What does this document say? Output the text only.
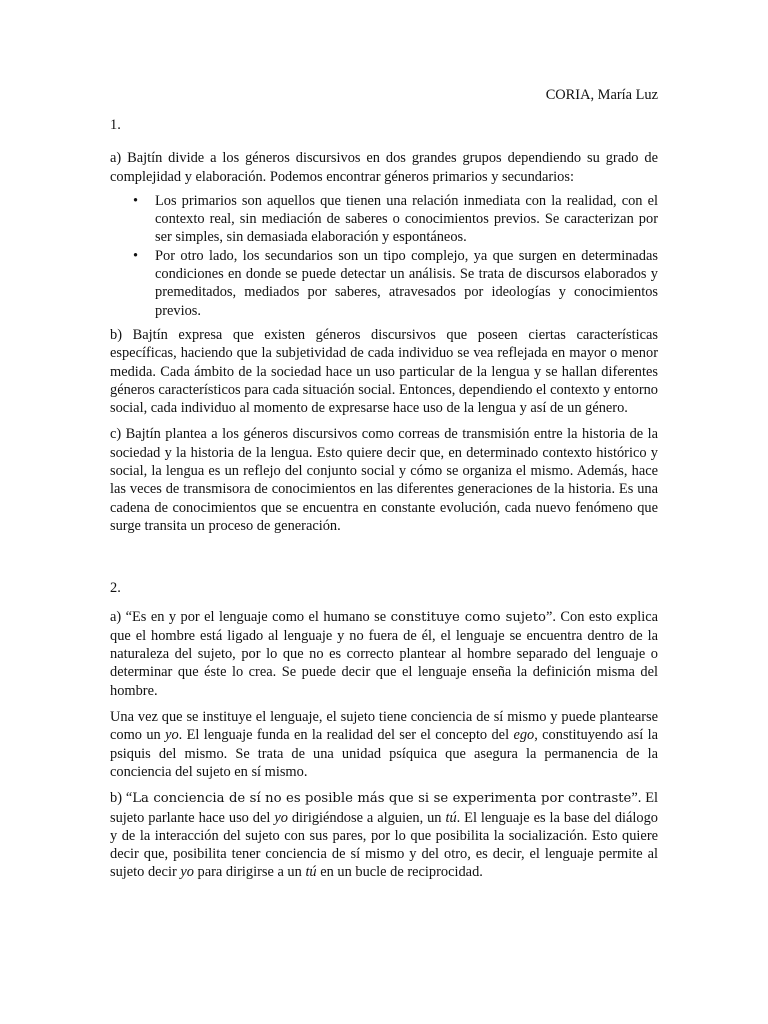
CORIA, María Luz

1.

a) Bajtín divide a los géneros discursivos en dos grandes grupos dependiendo su grado de complejidad y elaboración. Podemos encontrar géneros primarios y secundarios:

• Los primarios son aquellos que tienen una relación inmediata con la realidad, con el contexto real, sin mediación de saberes o conocimientos previos. Se caracterizan por ser simples, sin demasiada elaboración y espontáneos.
• Por otro lado, los secundarios son un tipo complejo, ya que surgen en determinadas condiciones en donde se puede detectar un análisis. Se trata de discursos elaborados y premeditados, mediados por saberes, atravesados por ideologías y conocimientos previos.

b) Bajtín expresa que existen géneros discursivos que poseen ciertas características específicas, haciendo que la subjetividad de cada individuo se vea reflejada en mayor o menor medida. Cada ámbito de la sociedad hace un uso particular de la lengua y se hallan diferentes géneros característicos para cada situación social. Entonces, dependiendo el contexto y entorno social, cada individuo al momento de expresarse hace uso de la lengua y así de un género.

c) Bajtín plantea a los géneros discursivos como correas de transmisión entre la historia de la sociedad y la historia de la lengua. Esto quiere decir que, en determinado contexto histórico y social, la lengua es un reflejo del conjunto social y cómo se organiza el mismo. Además, hace las veces de transmisora de conocimientos en las diferentes generaciones de la historia. Es una cadena de conocimientos que se encuentra en constante evolución, cada nuevo fenómeno que surge transita un proceso de generación.

2.

a) “Es en y por el lenguaje como el humano se constituye como sujeto”. Con esto explica que el hombre está ligado al lenguaje y no fuera de él, el lenguaje se encuentra dentro de la naturaleza del sujeto, por lo que no es correcto plantear al hombre separado del lenguaje o determinar que éste lo crea. Se puede decir que el lenguaje enseña la definición misma del hombre.

Una vez que se instituye el lenguaje, el sujeto tiene conciencia de sí mismo y puede plantearse como un yo. El lenguaje funda en la realidad del ser el concepto del ego, constituyendo así la psiquis del mismo. Se trata de una unidad psíquica que asegura la permanencia de la conciencia del sujeto en sí mismo.

b) “La conciencia de sí no es posible más que si se experimenta por contraste”. El sujeto parlante hace uso del yo dirigiéndose a alguien, un tú. El lenguaje es la base del diálogo y de la interacción del sujeto con sus pares, por lo que posibilita la socialización. Esto quiere decir que, posibilita tener conciencia de sí mismo y del otro, es decir, el lenguaje permite al sujeto decir yo para dirigirse a un tú en un bucle de reciprocidad.
